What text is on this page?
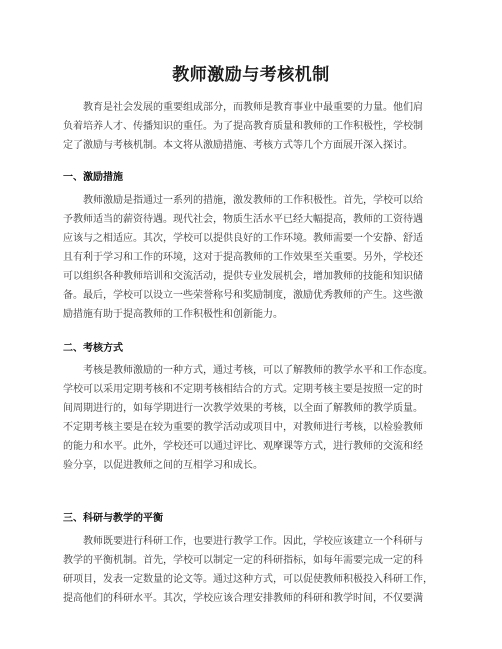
教师激励与考核机制
　　教育是社会发展的重要组成部分，而教师是教育事业中最重要的力量。他们肩
负着培养人才、传播知识的重任。为了提高教育质量和教师的工作积极性，学校制
定了激励与考核机制。本文将从激励措施、考核方式等几个方面展开深入探讨。
一、激励措施
　　教师激励是指通过一系列的措施，激发教师的工作积极性。首先，学校可以给
予教师适当的薪资待遇。现代社会，物质生活水平已经大幅提高，教师的工资待遇
应该与之相适应。其次，学校可以提供良好的工作环境。教师需要一个安静、舒适
且有利于学习和工作的环境，这对于提高教师的工作效果至关重要。另外，学校还
可以组织各种教师培训和交流活动，提供专业发展机会，增加教师的技能和知识储
备。最后，学校可以设立一些荣誉称号和奖励制度，激励优秀教师的产生。这些激
励措施有助于提高教师的工作积极性和创新能力。
二、考核方式
　　考核是教师激励的一种方式，通过考核，可以了解教师的教学水平和工作态度。
学校可以采用定期考核和不定期考核相结合的方式。定期考核主要是按照一定的时
间周期进行的，如每学期进行一次教学效果的考核，以全面了解教师的教学质量。
不定期考核主要是在较为重要的教学活动或项目中，对教师进行考核，以检验教师
的能力和水平。此外，学校还可以通过评比、观摩课等方式，进行教师的交流和经
验分享，以促进教师之间的互相学习和成长。
三、科研与教学的平衡
　　教师既要进行科研工作，也要进行教学工作。因此，学校应该建立一个科研与
教学的平衡机制。首先，学校可以制定一定的科研指标，如每年需要完成一定的科
研项目，发表一定数量的论文等。通过这种方式，可以促使教师积极投入科研工作，
提高他们的科研水平。其次，学校应该合理安排教师的科研和教学时间，不仅要满
